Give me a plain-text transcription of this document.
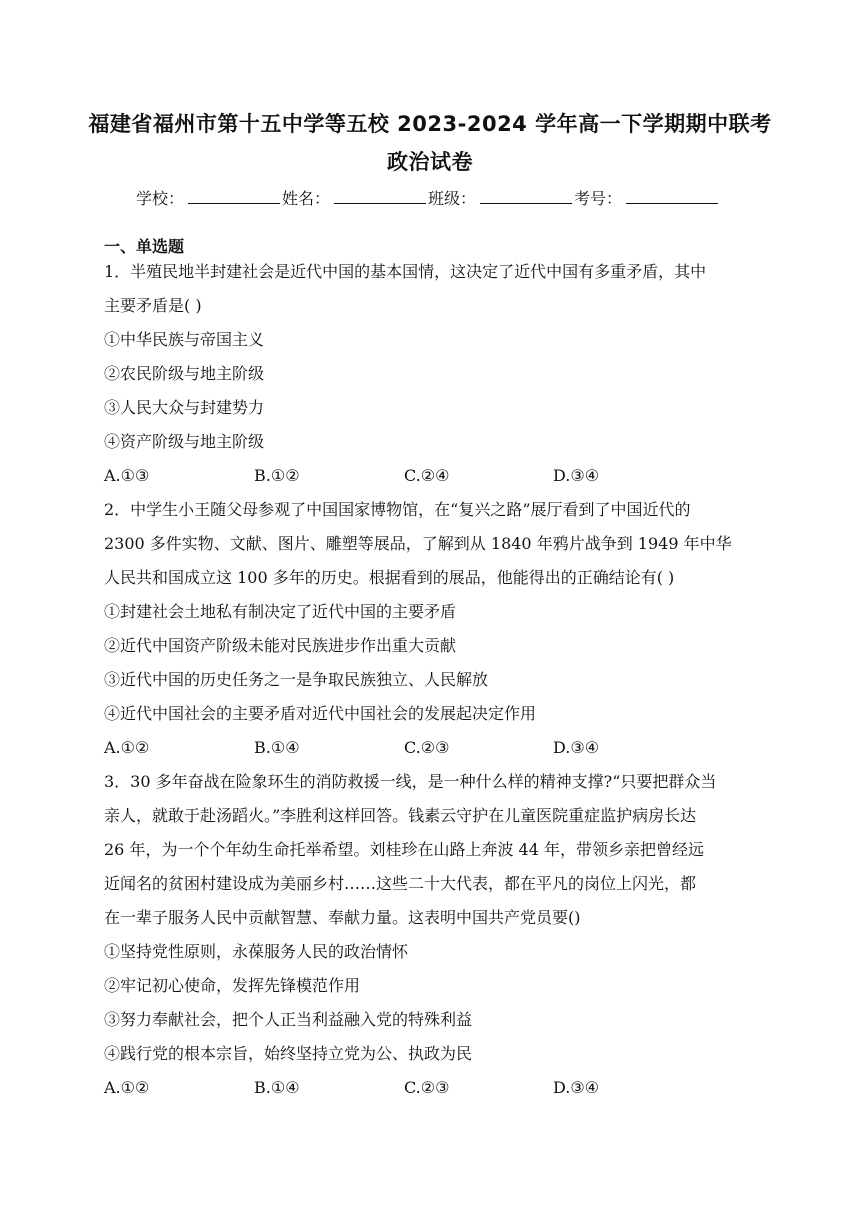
福建省福州市第十五中学等五校 2023-2024 学年高一下学期期中联考
政治试卷
学校：	姓名：	班级：	考号：
一、单选题
1．半殖民地半封建社会是近代中国的基本国情，这决定了近代中国有多重矛盾，其中
主要矛盾是( )
①中华民族与帝国主义
②农民阶级与地主阶级
③人民大众与封建势力
④资产阶级与地主阶级
A.①③	B.①②	C.②④	D.③④
2．中学生小王随父母参观了中国国家博物馆，在“复兴之路”展厅看到了中国近代的
2300 多件实物、文献、图片、雕塑等展品，了解到从 1840 年鸦片战争到 1949 年中华
人民共和国成立这 100 多年的历史。根据看到的展品，他能得出的正确结论有( )
①封建社会土地私有制决定了近代中国的主要矛盾
②近代中国资产阶级未能对民族进步作出重大贡献
③近代中国的历史任务之一是争取民族独立、人民解放
④近代中国社会的主要矛盾对近代中国社会的发展起决定作用
A.①②	B.①④	C.②③	D.③④
3．30 多年奋战在险象环生的消防救援一线，是一种什么样的精神支撑?“只要把群众当
亲人，就敢于赴汤蹈火。”李胜利这样回答。钱素云守护在儿童医院重症监护病房长达
26 年，为一个个年幼生命托举希望。刘桂珍在山路上奔波 44 年，带领乡亲把曾经远
近闻名的贫困村建设成为美丽乡村……这些二十大代表，都在平凡的岗位上闪光，都
在一辈子服务人民中贡献智慧、奉献力量。这表明中国共产党员要()
①坚持党性原则，永葆服务人民的政治情怀
②牢记初心使命，发挥先锋模范作用
③努力奉献社会，把个人正当利益融入党的特殊利益
④践行党的根本宗旨，始终坚持立党为公、执政为民
A.①②	B.①④	C.②③	D.③④
